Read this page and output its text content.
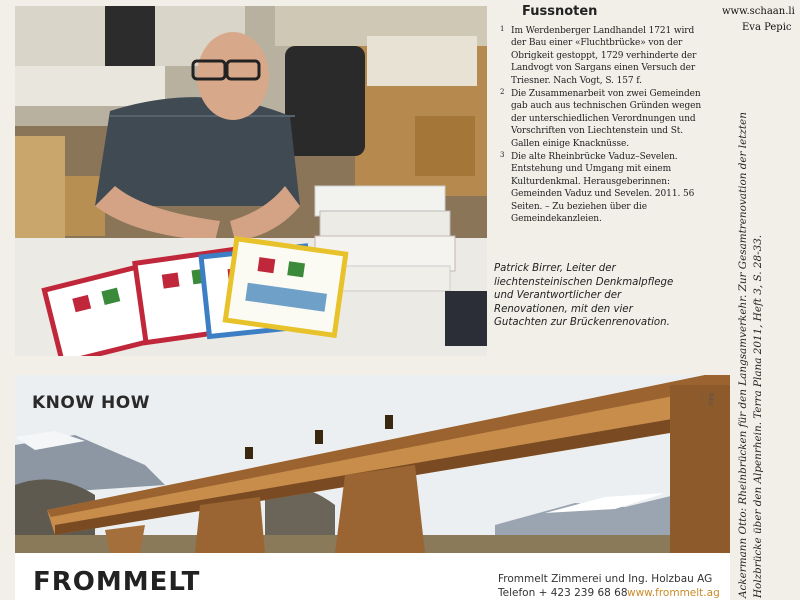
Patrick Birrer, Leiter der liechtensteinischen Denkmalpflege und Verantwortlicher der Renovationen, mit den vier Gutachten zur Brückenrenovation.
Fussnoten
1 Im Werdenberger Landhandel 1721 wird der Bau einer «Fluchtbrücke» von der Obrigkeit gestoppt, 1729 verhinderte der Landvogt von Sargans einen Versuch der Triesner. Nach Vogt, S. 157 f.
2 Die Zusammenarbeit von zwei Gemeinden gab auch aus technischen Gründen wegen der unterschiedlichen Verordnungen und Vorschriften von Liechtenstein und St. Gallen einige Knacknüsse.
3 Die alte Rheinbrücke Vaduz–Sevelen. Entstehung und Umgang mit einem Kulturdenkmal. Herausgeberinnen: Gemeinden Vaduz und Sevelen. 2011. 56 Seiten. – Zu beziehen über die Gemeindekanzleien.
www.schaan.li
Eva Pepic
Ackermann Otto: Rheinbrücken für den Langsamverkehr. Zur Gesamtrenovation der letzten Holzbrücke über den Alpenrhein. Terra Plana 2011, Heft 3, S. 28-33.
KNOW HOW	foto: ...
FROMMELT	Frommelt Zimmerei und Ing. Holzbau AG
Telefon + 423 239 68 68 www.frommelt.ag
